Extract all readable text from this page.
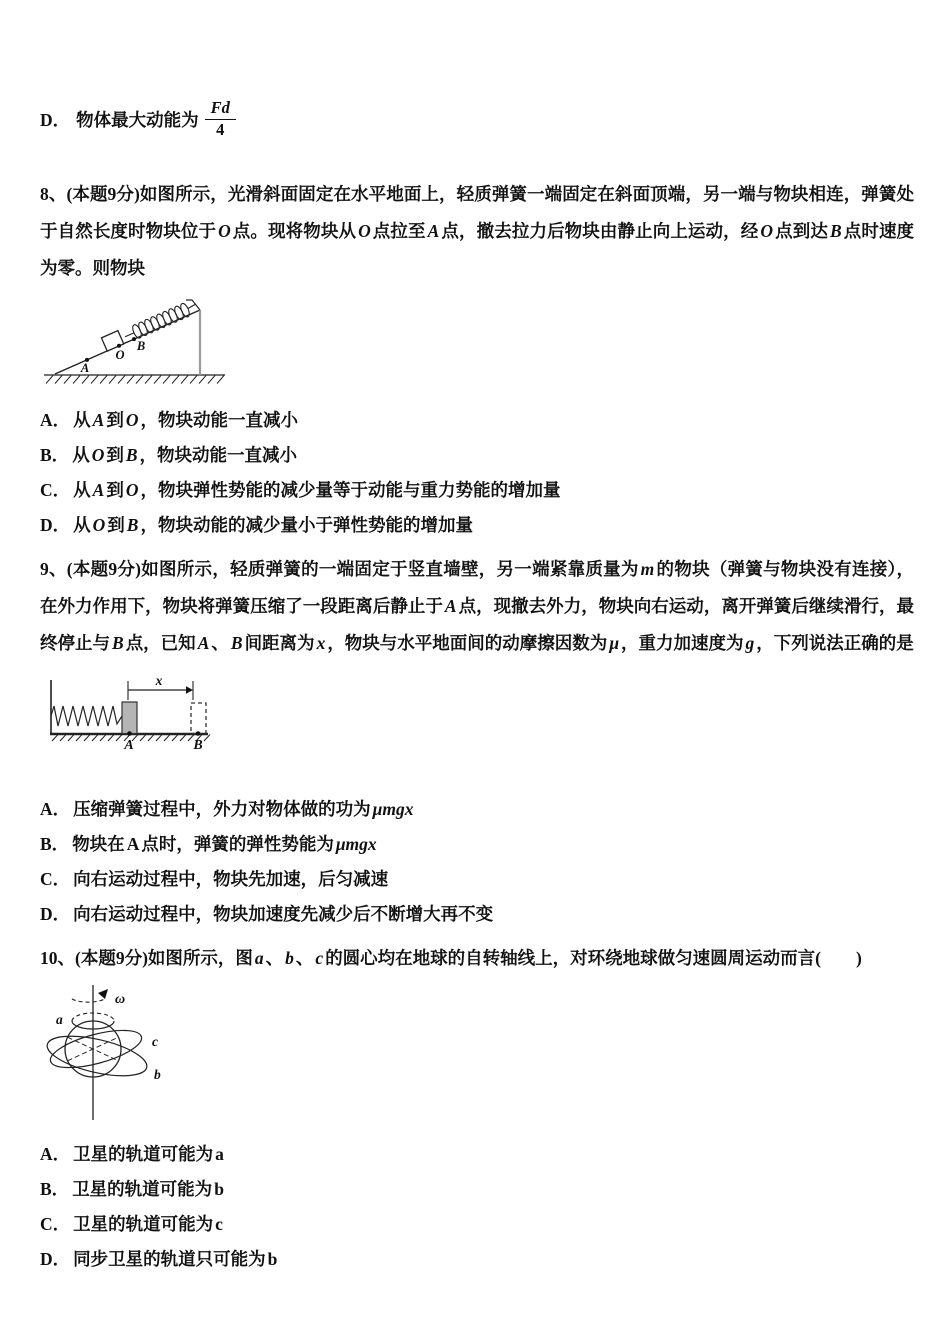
D． 物体最大动能为 $\frac{Fd}{4}$

8、(本题9分)如图所示，光滑斜面固定在水平地面上，轻质弹簧一端固定在斜面顶端，另一端与物块相连，弹簧处于自然长度时物块位于 O 点。现将物块从 O 点拉至 A 点，撤去拉力后物块由静止向上运动，经 O 点到达 B 点时速度为零。则物块

A
O
B
A． 从 A 到 O ，物块动能一直减小
B． 从 O 到 B ，物块动能一直减小
C． 从 A 到 O ，物块弹性势能的减少量等于动能与重力势能的增加量
D． 从 O 到 B ，物块动能的减少量小于弹性势能的增加量

9、(本题9分)如图所示，轻质弹簧的一端固定于竖直墙壁，另一端紧靠质量为 m 的物块（弹簧与物块没有连接），在外力作用下，物块将弹簧压缩了一段距离后静止于 A 点，现撤去外力，物块向右运动，离开弹簧后继续滑行，最终停止与 B 点，已知 A 、 B 间距离为 x ，物块与水平地面间的动摩擦因数为 μ ，重力加速度为 g ，下列说法正确的是

x
A	B
A． 压缩弹簧过程中，外力对物体做的功为 μmgx
B． 物块在 A 点时，弹簧的弹性势能为 μmgx
C． 向右运动过程中，物块先加速，后匀减速
D． 向右运动过程中，物块加速度先减少后不断增大再不变

10、(本题9分)如图所示，图 a 、 b 、 c 的圆心均在地球的自转轴线上，对环绕地球做匀速圆周运动而言(　　)

ω
a
c
b
A． 卫星的轨道可能为 a
B． 卫星的轨道可能为 b
C． 卫星的轨道可能为 c
D． 同步卫星的轨道只可能为 b
